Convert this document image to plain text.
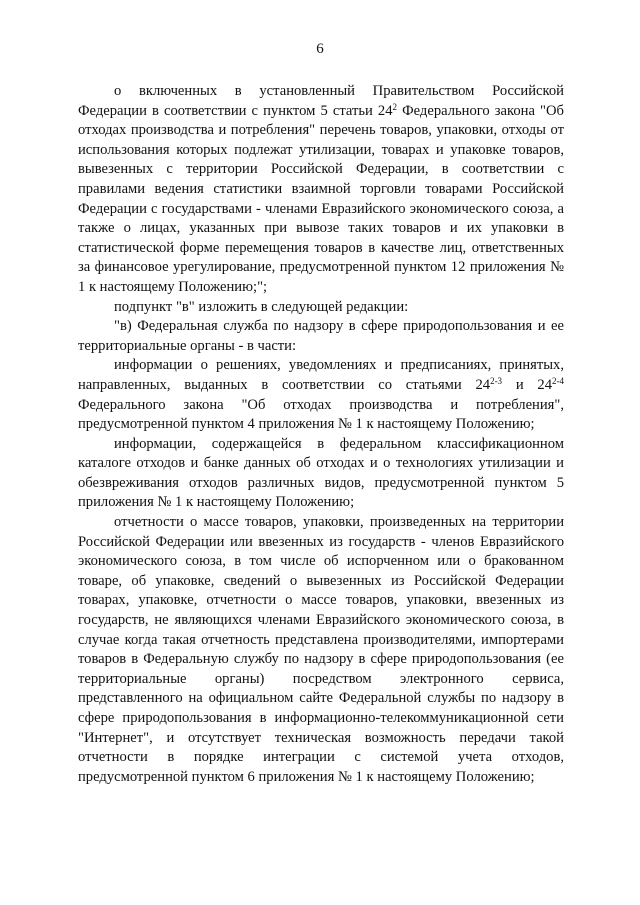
6

о включенных в установленный Правительством Российской Федерации в соответствии с пунктом 5 статьи $24^2$ Федерального закона "Об отходах производства и потребления" перечень товаров, упаковки, отходы от использования которых подлежат утилизации, товарах и упаковке товаров, вывезенных с территории Российской Федерации, в соответствии с правилами ведения статистики взаимной торговли товарами Российской Федерации с государствами - членами Евразийского экономического союза, а также о лицах, указанных при вывозе таких товаров и их упаковки в статистической форме перемещения товаров в качестве лиц, ответственных за финансовое урегулирование, предусмотренной пунктом 12 приложения № 1 к настоящему Положению;";

подпункт "в" изложить в следующей редакции:

"в) Федеральная служба по надзору в сфере природопользования и ее территориальные органы - в части:

информации о решениях, уведомлениях и предписаниях, принятых, направленных, выданных в соответствии со статьями 24$^{2-3}$ и 24$^{2-4}$ Федерального закона "Об отходах производства и потребления", предусмотренной пунктом 4 приложения № 1 к настоящему Положению;

информации, содержащейся в федеральном классификационном каталоге отходов и банке данных об отходах и о технологиях утилизации и обезвреживания отходов различных видов, предусмотренной пунктом 5 приложения № 1 к настоящему Положению;

отчетности о массе товаров, упаковки, произведенных на территории Российской Федерации или ввезенных из государств - членов Евразийского экономического союза, в том числе об испорченном или о бракованном товаре, об упаковке, сведений о вывезенных из Российской Федерации товарах, упаковке, отчетности о массе товаров, упаковки, ввезенных из государств, не являющихся членами Евразийского экономического союза, в случае когда такая отчетность представлена производителями, импортерами товаров в Федеральную службу по надзору в сфере природопользования (ее территориальные органы) посредством электронного сервиса, представленного на официальном сайте Федеральной службы по надзору в сфере природопользования в информационно-телекоммуникационной сети "Интернет", и отсутствует техническая возможность передачи такой отчетности в порядке интеграции с системой учета отходов, предусмотренной пунктом 6 приложения № 1 к настоящему Положению;
